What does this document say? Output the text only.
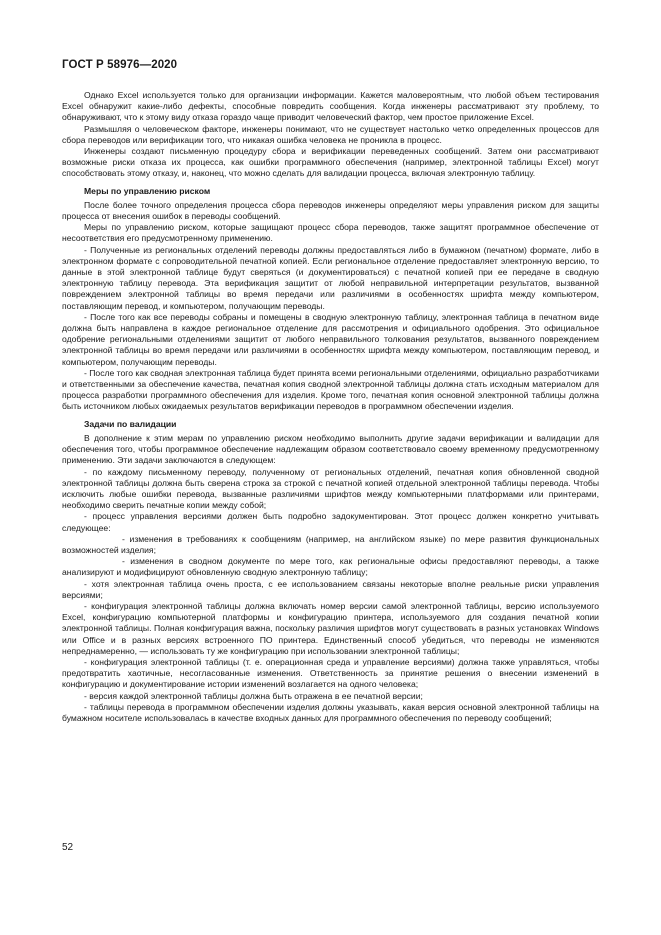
ГОСТ Р 58976—2020

Однако Excel используется только для организации информации. Кажется маловероятным, что любой объем тестирования Excel обнаружит какие-либо дефекты, способные повредить сообщения. Когда инженеры рассматривают эту проблему, то обнаруживают, что к этому виду отказа гораздо чаще приводит человеческий фактор, чем простое приложение Excel.

Размышляя о человеческом факторе, инженеры понимают, что не существует настолько четко определенных процессов для сбора переводов или верификации того, что никакая ошибка человека не проникла в процесс.

Инженеры создают письменную процедуру сбора и верификации переведенных сообщений. Затем они рассматривают возможные риски отказа их процесса, как ошибки программного обеспечения (например, электронной таблицы Excel) могут способствовать этому отказу, и, наконец, что можно сделать для валидации процесса, включая электронную таблицу.

Меры по управлению риском

После более точного определения процесса сбора переводов инженеры определяют меры управления риском для защиты процесса от внесения ошибок в переводы сообщений.

Меры по управлению риском, которые защищают процесс сбора переводов, также защитят программное обеспечение от несоответствия его предусмотренному применению.

- Полученные из региональных отделений переводы должны предоставляться либо в бумажном (печатном) формате, либо в электронном формате с сопроводительной печатной копией. Если региональное отделение предоставляет электронную версию, то данные в этой электронной таблице будут сверяться (и документироваться) с печатной копией при ее передаче в сводную электронную таблицу перевода. Эта верификация защитит от любой неправильной интерпретации результатов, вызванной повреждением электронной таблицы во время передачи или различиями в особенностях шрифта между компьютером, поставляющим перевод, и компьютером, получающим переводы.

- После того как все переводы собраны и помещены в сводную электронную таблицу, электронная таблица в печатном виде должна быть направлена в каждое региональное отделение для рассмотрения и официального одобрения. Это официальное одобрение региональными отделениями защитит от любого неправильного толкования результатов, вызванного повреждением электронной таблицы во время передачи или различиями в особенностях шрифта между компьютером, поставляющим перевод, и компьютером, получающим переводы.

- После того как сводная электронная таблица будет принята всеми региональными отделениями, официально разработчиками и ответственными за обеспечение качества, печатная копия сводной электронной таблицы должна стать исходным материалом для процесса разработки программного обеспечения для изделия. Кроме того, печатная копия основной электронной таблицы должна быть источником любых ожидаемых результатов верификации переводов в программном обеспечении изделия.

Задачи по валидации

В дополнение к этим мерам по управлению риском необходимо выполнить другие задачи верификации и валидации для обеспечения того, чтобы программное обеспечение надлежащим образом соответствовало своему временному предусмотренному применению. Эти задачи заключаются в следующем:

- по каждому письменному переводу, полученному от региональных отделений, печатная копия обновленной сводной электронной таблицы должна быть сверена строка за строкой с печатной копией отдельной электронной таблицы перевода. Чтобы исключить любые ошибки перевода, вызванные различиями шрифтов между компьютерными платформами или принтерами, необходимо сверить печатные копии между собой;

- процесс управления версиями должен быть подробно задокументирован. Этот процесс должен конкретно учитывать следующее:

- изменения в требованиях к сообщениям (например, на английском языке) по мере развития функциональных возможностей изделия;

- изменения в сводном документе по мере того, как региональные офисы предоставляют переводы, а также анализируют и модифицируют обновленную сводную электронную таблицу;

- хотя электронная таблица очень проста, с ее использованием связаны некоторые вполне реальные риски управления версиями;

- конфигурация электронной таблицы должна включать номер версии самой электронной таблицы, версию используемого Excel, конфигурацию компьютерной платформы и конфигурацию принтера, используемого для создания печатной копии электронной таблицы. Полная конфигурация важна, поскольку различия шрифтов могут существовать в разных установках Windows или Office и в разных версиях встроенного ПО принтера. Единственный способ убедиться, что переводы не изменяются непреднамеренно, — использовать ту же конфигурацию при использовании электронной таблицы;

- конфигурация электронной таблицы (т. е. операционная среда и управление версиями) должна также управляться, чтобы предотвратить хаотичные, несогласованные изменения. Ответственность за принятие решения о внесении изменений в конфигурацию и документирование истории изменений возлагается на одного человека;

- версия каждой электронной таблицы должна быть отражена в ее печатной версии;

- таблицы перевода в программном обеспечении изделия должны указывать, какая версия основной электронной таблицы на бумажном носителе использовалась в качестве входных данных для программного обеспечения по переводу сообщений;

52
